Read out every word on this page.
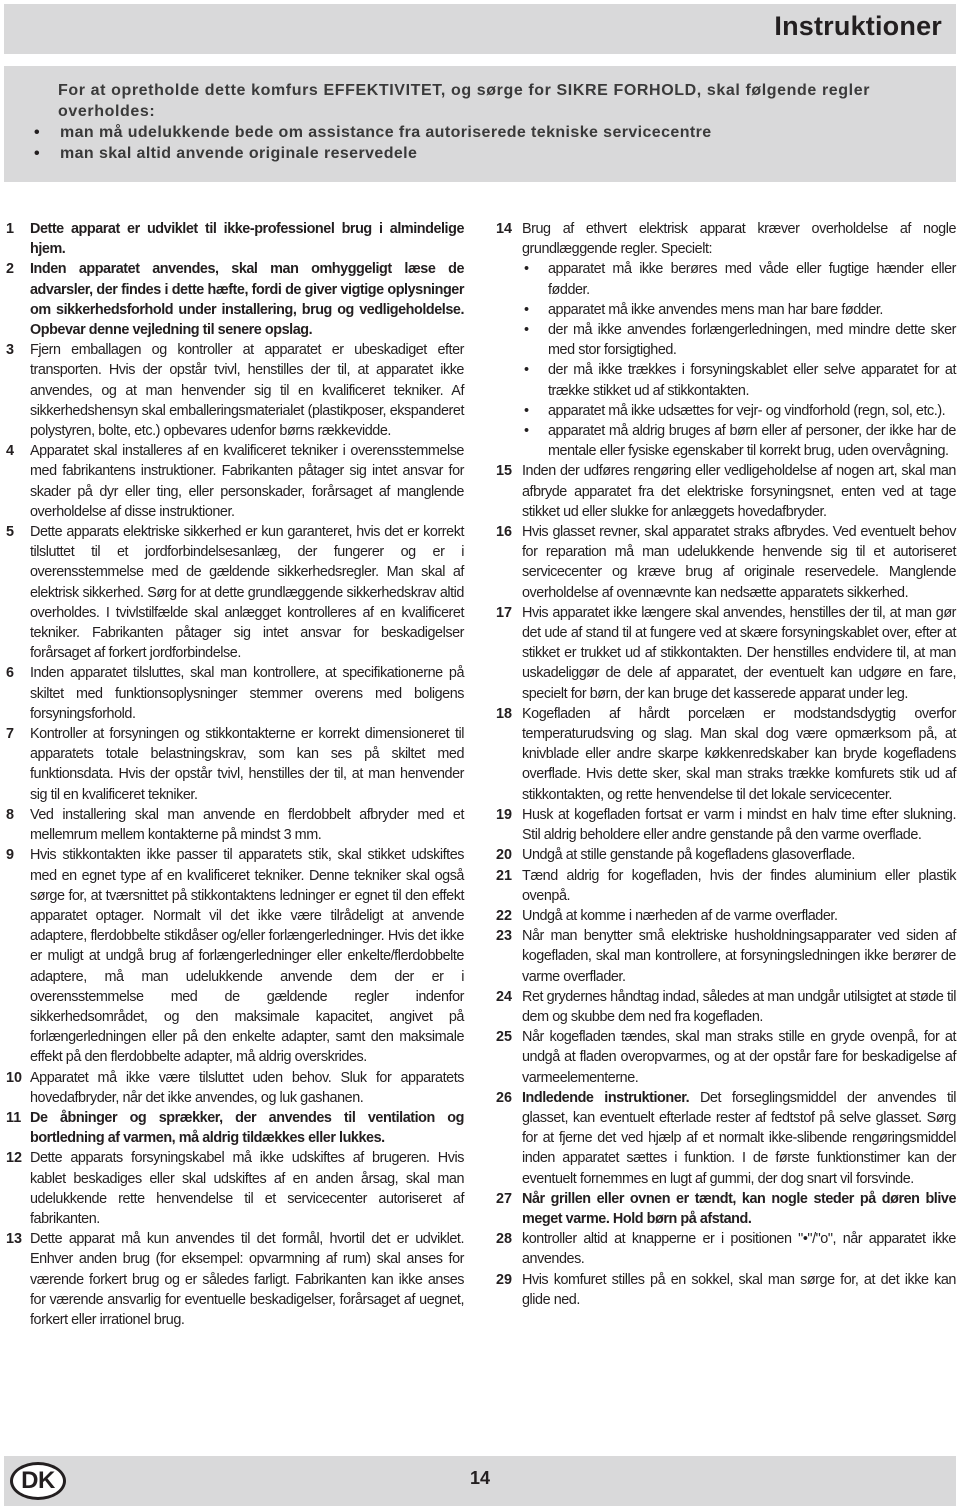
Instruktioner

For at opretholde dette komfurs EFFEKTIVITET, og sørge for SIKRE FORHOLD, skal følgende regler overholdes:

• man må udelukkende bede om assistance fra autoriserede tekniske servicecentre
• man skal altid anvende originale reservedele
1 Dette apparat er udviklet til ikke-professionel brug i almindelige hjem.
2 Inden apparatet anvendes, skal man omhyggeligt læse de advarsler, der findes i dette hæfte, fordi de giver vigtige oplysninger om sikkerhedsforhold under installering, brug og vedligeholdelse. Opbevar denne vejledning til senere opslag.
3 Fjern emballagen og kontroller at apparatet er ubeskadiget efter transporten. Hvis der opstår tvivl, henstilles der til, at apparatet ikke anvendes, og at man henvender sig til en kvalificeret tekniker. Af sikkerhedshensyn skal emballeringsmaterialet (plastikposer, ekspanderet polystyren, bolte, etc.) opbevares udenfor børns rækkevidde.
4 Apparatet skal installeres af en kvalificeret tekniker i overensstemmelse med fabrikantens instruktioner. Fabrikanten påtager sig intet ansvar for skader på dyr eller ting, eller personskader, forårsaget af manglende overholdelse af disse instruktioner.
5 Dette apparats elektriske sikkerhed er kun garanteret, hvis det er korrekt tilsluttet til et jordforbindelsesanlæg, der fungerer og er i overensstemmelse med de gældende sikkerhedsregler. Man skal af elektrisk sikkerhed. Sørg for at dette grundlæggende sikkerhedskrav altid overholdes. I tvivlstilfælde skal anlægget kontrolleres af en kvalificeret tekniker. Fabrikanten påtager sig intet ansvar for beskadigelser forårsaget af forkert jordforbindelse.
6 Inden apparatet tilsluttes, skal man kontrollere, at specifikationerne på skiltet med funktionsoplysninger stemmer overens med boligens forsyningsforhold.
7 Kontroller at forsyningen og stikkontakterne er korrekt dimensioneret til apparatets totale belastningskrav, som kan ses på skiltet med funktionsdata. Hvis der opstår tvivl, henstilles der til, at man henvender sig til en kvalificeret tekniker.
8 Ved installering skal man anvende en flerdobbelt afbryder med et mellemrum mellem kontakterne på mindst 3 mm.
9 Hvis stikkontakten ikke passer til apparatets stik, skal stikket udskiftes med en egnet type af en kvalificeret tekniker. Denne tekniker skal også sørge for, at tværsnittet på stikkontaktens ledninger er egnet til den effekt apparatet optager. Normalt vil det ikke være tilrådeligt at anvende adaptere, flerdobbelte stikdåser og/eller forlængerledninger. Hvis det ikke er muligt at undgå brug af forlængerledninger eller enkelte/flerdobbelte adaptere, må man udelukkende anvende dem der er i overensstemmelse med de gældende regler indenfor sikkerhedsområdet, og den maksimale kapacitet, angivet på forlængerledningen eller på den enkelte adapter, samt den maksimale effekt på den flerdobbelte adapter, må aldrig overskrides.
10 Apparatet må ikke være tilsluttet uden behov. Sluk for apparatets hovedafbryder, når det ikke anvendes, og luk gashanen.
11 De åbninger og sprækker, der anvendes til ventilation og bortledning af varmen, må aldrig tildækkes eller lukkes.
12 Dette apparats forsyningskabel må ikke udskiftes af brugeren. Hvis kablet beskadiges eller skal udskiftes af en anden årsag, skal man udelukkende rette henvendelse til et servicecenter autoriseret af fabrikanten.
13 Dette apparat må kun anvendes til det formål, hvortil det er udviklet. Enhver anden brug (for eksempel: opvarmning af rum) skal anses for værende forkert brug og er således farligt. Fabrikanten kan ikke anses for værende ansvarlig for eventuelle beskadigelser, forårsaget af uegnet, forkert eller irrationel brug.
14 Brug af ethvert elektrisk apparat kræver overholdelse af nogle grundlæggende regler. Specielt:
• apparatet må ikke berøres med våde eller fugtige hænder eller fødder.
• apparatet må ikke anvendes mens man har bare fødder.
• der må ikke anvendes forlængerledningen, med mindre dette sker med stor forsigtighed.
• der må ikke trækkes i forsyningskablet eller selve apparatet for at trække stikket ud af stikkontakten.
• apparatet må ikke udsættes for vejr- og vindforhold (regn, sol, etc.).
• apparatet må aldrig bruges af børn eller af personer, der ikke har de mentale eller fysiske egenskaber til korrekt brug, uden overvågning.
15 Inden der udføres rengøring eller vedligeholdelse af nogen art, skal man afbryde apparatet fra det elektriske forsyningsnet, enten ved at tage stikket ud eller slukke for anlæggets hovedafbryder.
16 Hvis glasset revner, skal apparatet straks afbrydes. Ved eventuelt behov for reparation må man udelukkende henvende sig til et autoriseret servicecenter og kræve brug af originale reservedele. Manglende overholdelse af ovennævnte kan nedsætte apparatets sikkerhed.
17 Hvis apparatet ikke længere skal anvendes, henstilles der til, at man gør det ude af stand til at fungere ved at skære forsyningskablet over, efter at stikket er trukket ud af stikkontakten. Der henstilles endvidere til, at man uskadeliggør de dele af apparatet, der eventuelt kan udgøre en fare, specielt for børn, der kan bruge det kasserede apparat under leg.
18 Kogefladen af hårdt porcelæn er modstandsdygtig overfor temperaturudsving og slag. Man skal dog være opmærksom på, at knivblade eller andre skarpe køkkenredskaber kan bryde kogefladens overflade. Hvis dette sker, skal man straks trække komfurets stik ud af stikkontakten, og rette henvendelse til det lokale servicecenter.
19 Husk at kogefladen fortsat er varm i mindst en halv time efter slukning. Stil aldrig beholdere eller andre genstande på den varme overflade.
20 Undgå at stille genstande på kogefladens glasoverflade.
21 Tænd aldrig for kogefladen, hvis der findes aluminium eller plastik ovenpå.
22 Undgå at komme i nærheden af de varme overflader.
23 Når man benytter små elektriske husholdningsapparater ved siden af kogefladen, skal man kontrollere, at forsyningsledningen ikke berører de varme overflader.
24 Ret grydernes håndtag indad, således at man undgår utilsigtet at støde til dem og skubbe dem ned fra kogefladen.
25 Når kogefladen tændes, skal man straks stille en gryde ovenpå, for at undgå at fladen overopvarmes, og at der opstår fare for beskadigelse af varmeelementerne.
26 Indledende instruktioner. Det forseglingsmiddel der anvendes til glasset, kan eventuelt efterlade rester af fedtstof på selve glasset. Sørg for at fjerne det ved hjælp af et normalt ikke-slibende rengøringsmiddel inden apparatet sættes i funktion. I de første funktionstimer kan der eventuelt fornemmes en lugt af gummi, der dog snart vil forsvinde.
27 Når grillen eller ovnen er tændt, kan nogle steder på døren blive meget varme. Hold børn på afstand.
28 kontroller altid at knapperne er i positionen "•"/"o", når apparatet ikke anvendes.
29 Hvis komfuret stilles på en sokkel, skal man sørge for, at det ikke kan glide ned.
DK	14
